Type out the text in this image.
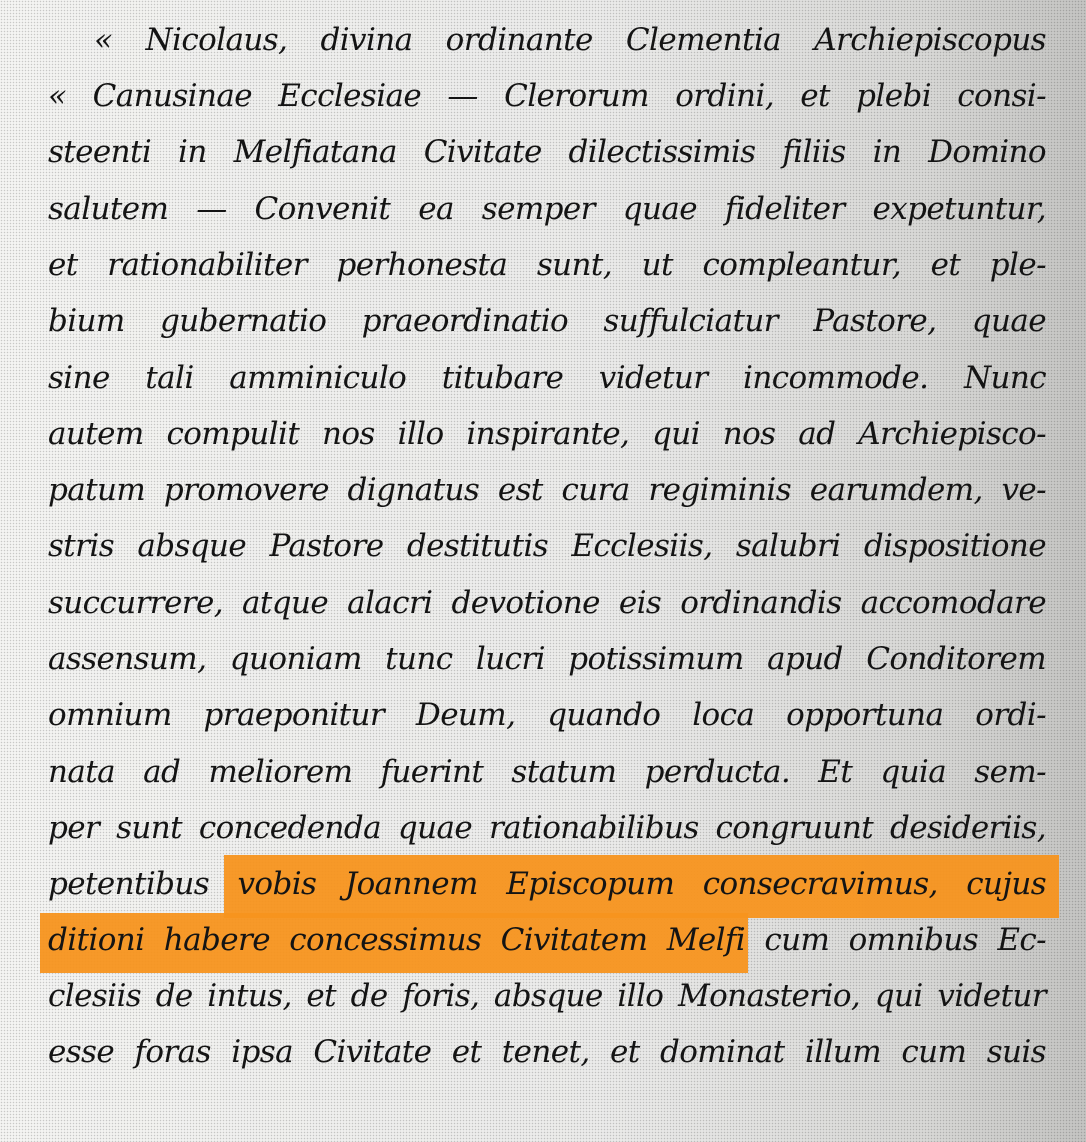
« Nicolaus, divina ordinante Clementia Archiepiscopus
« Canusinae Ecclesiae — Clerorum ordini, et plebi consi-
steenti in Melfiatana Civitate dilectissimis filiis in Domino
salutem — Convenit ea semper quae fideliter expetuntur,
et rationabiliter perhonesta sunt, ut compleantur, et ple-
bium gubernatio praeordinatio suffulciatur Pastore, quae
sine tali amminiculo titubare videtur incommode. Nunc
autem compulit nos illo inspirante, qui nos ad Archiepisco-
patum promovere dignatus est cura regiminis earumdem, ve-
stris absque Pastore destitutis Ecclesiis, salubri dispositione
succurrere, atque alacri devotione eis ordinandis accomodare
assensum, quoniam tunc lucri potissimum apud Conditorem
omnium praeponitur Deum, quando loca opportuna ordi-
nata ad meliorem fuerint statum perducta. Et quia sem-
per sunt concedenda quae rationabilibus congruunt desideriis,
petentibus vobis Joannem Episcopum consecravimus, cujus
ditioni habere concessimus Civitatem Melfi cum omnibus Ec-
clesiis de intus, et de foris, absque illo Monasterio, qui videtur
esse foras ipsa Civitate et tenet, et dominat illum cum suis
